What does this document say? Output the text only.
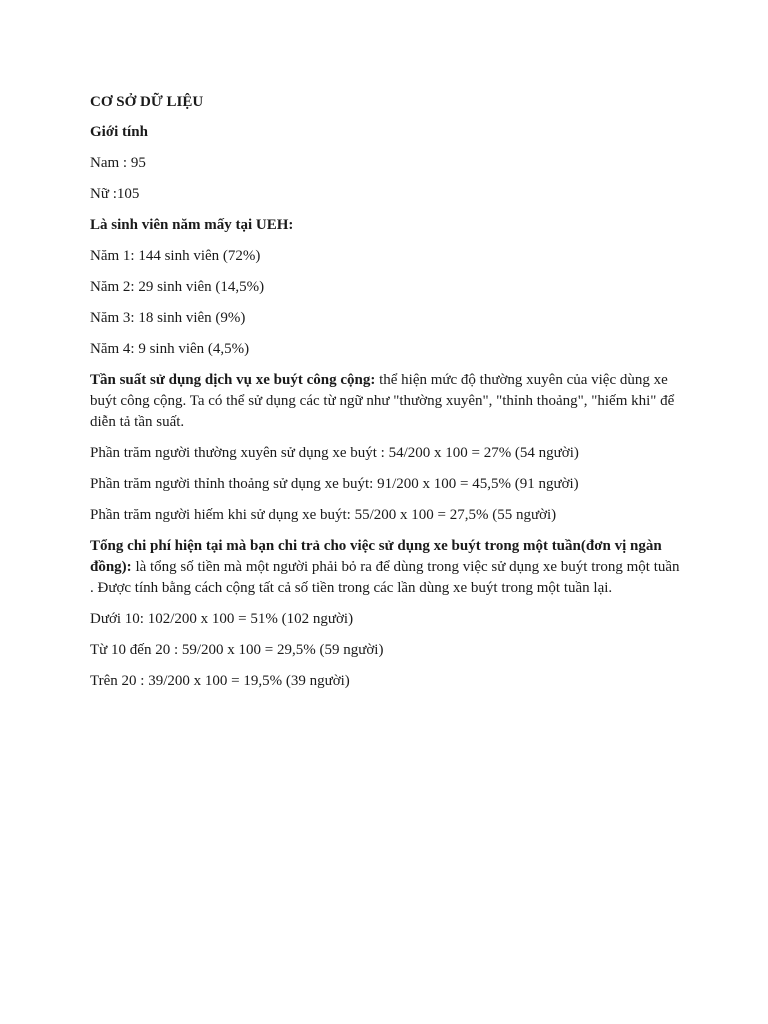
CƠ SỞ DỮ LIỆU

Giới tính

Nam : 95

Nữ :105

Là sinh viên năm mấy tại UEH:

Năm 1: 144 sinh viên (72%)

Năm 2: 29 sinh viên (14,5%)

Năm 3: 18 sinh viên (9%)

Năm 4: 9 sinh viên (4,5%)

Tần suất sử dụng dịch vụ xe buýt công cộng: thể hiện mức độ thường xuyên của việc dùng xe buýt công cộng. Ta có thể sử dụng các từ ngữ như "thường xuyên", "thỉnh thoảng", "hiếm khi" để diễn tả tần suất.

Phần trăm người thường xuyên sử dụng xe buýt : 54/200 x 100 = 27% (54 người)

Phần trăm người thỉnh thoảng sử dụng xe buýt: 91/200 x 100 = 45,5% (91 người)

Phần trăm người hiếm khi sử dụng xe buýt: 55/200 x 100 = 27,5% (55 người)

Tổng chi phí hiện tại mà bạn chi trả cho việc sử dụng xe buýt trong một tuần(đơn vị ngàn đồng): là tổng số tiền mà một người phải bỏ ra để dùng trong việc sử dụng xe buýt trong một tuần . Được tính bằng cách cộng tất cả số tiền trong các lần dùng xe buýt trong một tuần lại.

Dưới 10: 102/200 x 100 = 51% (102 người)

Từ 10 đến 20 : 59/200 x 100 = 29,5% (59 người)

Trên 20 : 39/200 x 100 = 19,5% (39 người)
